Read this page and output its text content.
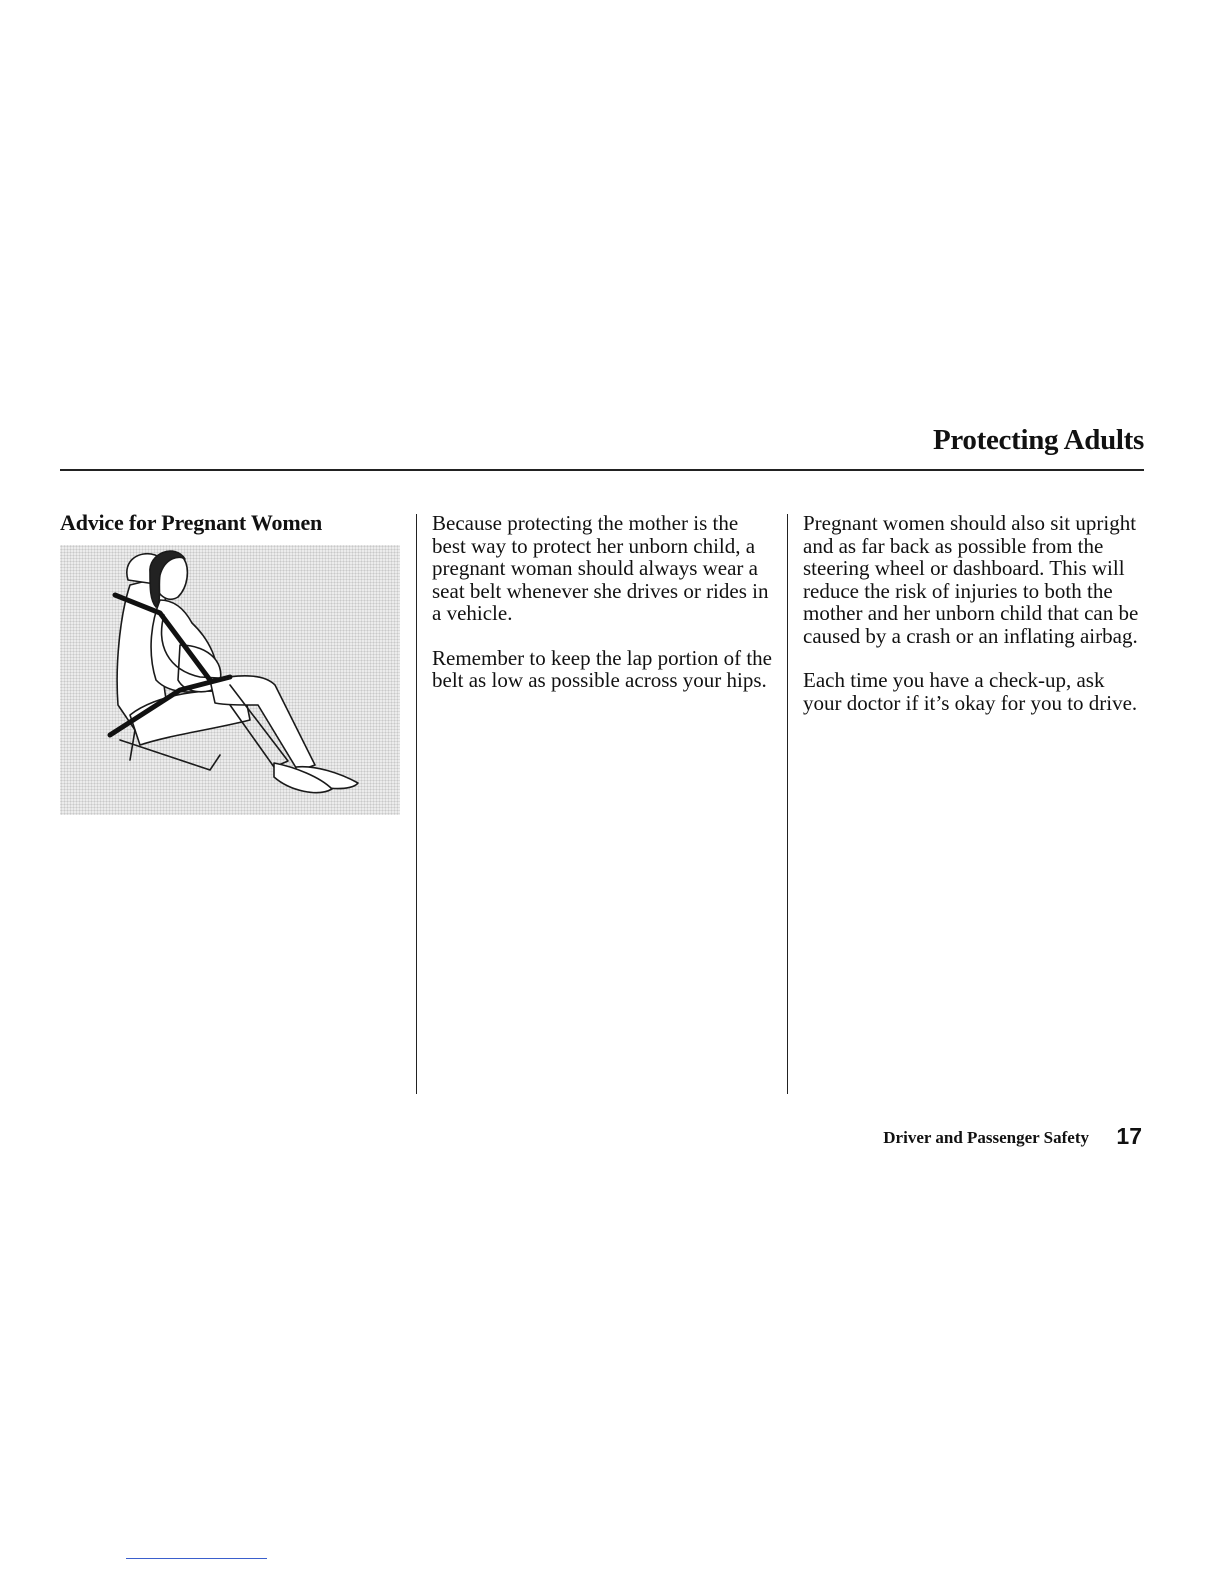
Protecting Adults
Advice for Pregnant Women	Because protecting the mother is the best way to protect her unborn child, a pregnant woman should always wear a seat belt whenever she drives or rides in a vehicle.

Remember to keep the lap portion of the belt as low as possible across your hips.

Pregnant women should also sit upright and as far back as possible from the steering wheel or dashboard. This will reduce the risk of injuries to both the mother and her unborn child that can be caused by a crash or an inflating airbag.

Each time you have a check-up, ask your doctor if it’s okay for you to drive.

Driver and Passenger Safety 17
